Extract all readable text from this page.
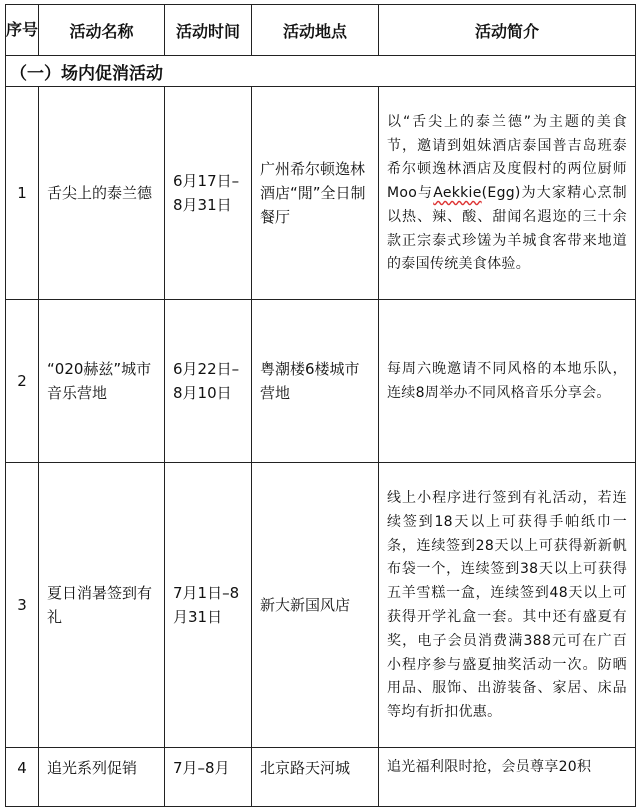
序号	活动名称	活动时间	活动地点	活动简介
（一）场内促消活动				
1	舌尖上的泰兰德	6月17日–8月31日	广州希尔顿逸林酒店“閒”全日制餐厅	以“舌尖上的泰兰德”为主题的美食节，邀请到姐妹酒店泰国普吉岛班泰希尔顿逸林酒店及度假村的两位厨师Moo与Aekkie(Egg)为大家精心烹制以热、辣、酸、甜闻名遐迩的三十余款正宗泰式珍馐为羊城食客带来地道的泰国传统美食体验。
2	“020赫兹”城市音乐营地	6月22日–8月10日	粤潮楼6楼城市营地	每周六晚邀请不同风格的本地乐队，连续8周举办不同风格音乐分享会。
3	夏日消暑签到有礼	7月1日–8月31日	新大新国风店	线上小程序进行签到有礼活动，若连续签到18天以上可获得手帕纸巾一条，连续签到28天以上可获得新新帆布袋一个，连续签到38天以上可获得五羊雪糕一盒，连续签到48天以上可获得开学礼盒一套。其中还有盛夏有奖，电子会员消费满388元可在广百小程序参与盛夏抽奖活动一次。防晒用品、服饰、出游装备、家居、床品等均有折扣优惠。
4	追光系列促销	7月–8月	北京路天河城	追光福利限时抢，会员尊享20积
